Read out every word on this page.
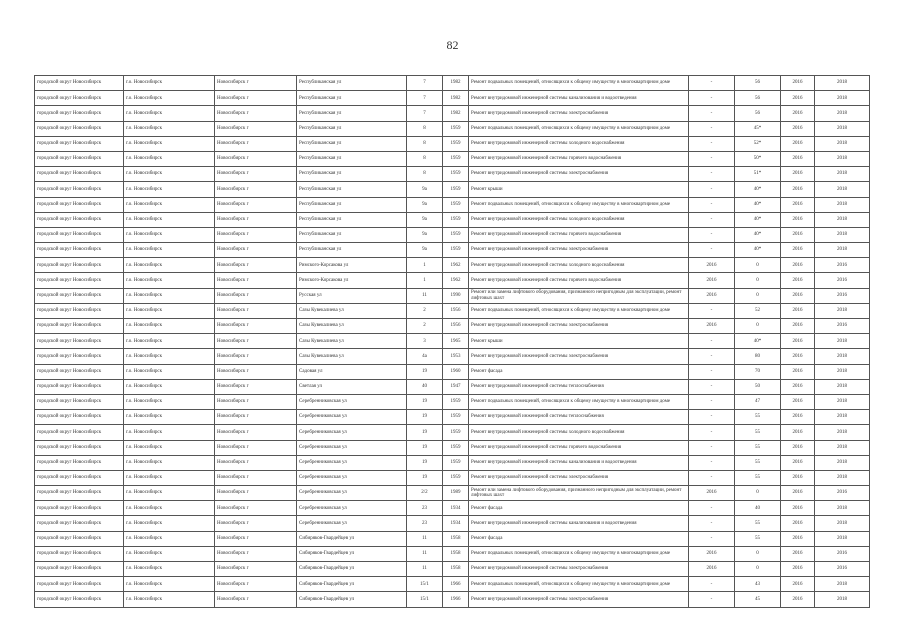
82
городской округ Новосибирск	г.о. Новосибирск	Новосибирск г	Республиканская ул	7	1982	Ремонт подвальных помещений, относящихся к общему имуществу в многоквартирном доме	-	56	2016	2018
городской округ Новосибирск	г.о. Новосибирск	Новосибирск г	Республиканская ул	7	1982	Ремонт внутридомовой инженерной системы канализования и водоотведения	-	56	2016	2018
городской округ Новосибирск	г.о. Новосибирск	Новосибирск г	Республиканская ул	7	1982	Ремонт внутридомовой инженерной системы электроснабжения	-	56	2016	2018
городской округ Новосибирск	г.о. Новосибирск	Новосибирск г	Республиканская ул	8	1959	Ремонт подвальных помещений, относящихся к общему имуществу в многоквартирном доме	-	45*	2016	2018
городской округ Новосибирск	г.о. Новосибирск	Новосибирск г	Республиканская ул	8	1959	Ремонт внутридомовой инженерной системы холодного водоснабжения	-	52*	2016	2018
городской округ Новосибирск	г.о. Новосибирск	Новосибирск г	Республиканская ул	8	1959	Ремонт внутридомовой инженерной системы горячего водоснабжения	-	50*	2016	2018
городской округ Новосибирск	г.о. Новосибирск	Новосибирск г	Республиканская ул	8	1959	Ремонт внутридомовой инженерной системы электроснабжения	-	51*	2016	2018
городской округ Новосибирск	г.о. Новосибирск	Новосибирск г	Республиканская ул	9а	1959	Ремонт крыши	-	40*	2016	2018
городской округ Новосибирск	г.о. Новосибирск	Новосибирск г	Республиканская ул	9а	1959	Ремонт подвальных помещений, относящихся к общему имуществу в многоквартирном доме	-	40*	2016	2018
городской округ Новосибирск	г.о. Новосибирск	Новосибирск г	Республиканская ул	9а	1959	Ремонт внутридомовой инженерной системы холодного водоснабжения	-	40*	2016	2018
городской округ Новосибирск	г.о. Новосибирск	Новосибирск г	Республиканская ул	9а	1959	Ремонт внутридомовой инженерной системы горячего водоснабжения	-	40*	2016	2018
городской округ Новосибирск	г.о. Новосибирск	Новосибирск г	Республиканская ул	9а	1959	Ремонт внутридомовой инженерной системы электроснабжения	-	40*	2016	2018
городской округ Новосибирск	г.о. Новосибирск	Новосибирск г	Римского-Корсакова ул	1	1962	Ремонт внутридомовой инженерной системы холодного водоснабжения	2016	0	2016	2016
городской округ Новосибирск	г.о. Новосибирск	Новосибирск г	Римского-Корсакова ул	1	1962	Ремонт внутридомовой инженерной системы горячего водоснабжения	2016	0	2016	2016
городской округ Новосибирск	г.о. Новосибирск	Новосибирск г	Русская ул	11	1990	Ремонт или замена лифтового оборудования, признанного непригодным для эксплуатации, ремонт лифтовых шахт	2016	0	2016	2016
городской округ Новосибирск	г.о. Новосибирск	Новосибирск г	Сазы Кувекалиева ул	2	1956	Ремонт подвальных помещений, относящихся к общему имуществу в многоквартирном доме	-	52	2016	2018
городской округ Новосибирск	г.о. Новосибирск	Новосибирск г	Сазы Кувекалиева ул	2	1956	Ремонт внутридомовой инженерной системы электроснабжения	2016	0	2016	2016
городской округ Новосибирск	г.о. Новосибирск	Новосибирск г	Сазы Кувекалиева ул	3	1965	Ремонт крыши	-	40*	2016	2018
городской округ Новосибирск	г.о. Новосибирск	Новосибирск г	Сазы Кувекалиева ул	4а	1953	Ремонт внутридомовой инженерной системы электроснабжения	-	80	2016	2018
городской округ Новосибирск	г.о. Новосибирск	Новосибирск г	Садовая ул	19	1960	Ремонт фасада	-	70	2016	2018
городской округ Новосибирск	г.о. Новосибирск	Новосибирск г	Светлая ул	40	1947	Ремонт внутридомовой инженерной системы теплоснабжения	-	50	2016	2018
городской округ Новосибирск	г.о. Новосибирск	Новосибирск г	Серебренниковская ул	19	1959	Ремонт подвальных помещений, относящихся к общему имуществу в многоквартирном доме	-	47	2016	2018
городской округ Новосибирск	г.о. Новосибирск	Новосибирск г	Серебренниковская ул	19	1959	Ремонт внутридомовой инженерной системы теплоснабжения	-	55	2016	2018
городской округ Новосибирск	г.о. Новосибирск	Новосибирск г	Серебренниковская ул	19	1959	Ремонт внутридомовой инженерной системы холодного водоснабжения	-	55	2016	2018
городской округ Новосибирск	г.о. Новосибирск	Новосибирск г	Серебренниковская ул	19	1959	Ремонт внутридомовой инженерной системы горячего водоснабжения	-	55	2016	2018
городской округ Новосибирск	г.о. Новосибирск	Новосибирск г	Серебренниковская ул	19	1959	Ремонт внутридомовой инженерной системы канализования и водоотведения	-	55	2016	2018
городской округ Новосибирск	г.о. Новосибирск	Новосибирск г	Серебренниковская ул	19	1959	Ремонт внутридомовой инженерной системы электроснабжения	-	55	2016	2018
городской округ Новосибирск	г.о. Новосибирск	Новосибирск г	Серебренниковская ул	2/2	1989	Ремонт или замена лифтового оборудования, признанного непригодным для эксплуатации, ремонт лифтовых шахт	2016	0	2016	2016
городской округ Новосибирск	г.о. Новосибирск	Новосибирск г	Серебренниковская ул	23	1934	Ремонт фасада	-	40	2016	2018
городской округ Новосибирск	г.о. Новосибирск	Новосибирск г	Серебренниковская ул	23	1934	Ремонт внутридомовой инженерной системы канализования и водоотведения	-	55	2016	2018
городской округ Новосибирск	г.о. Новосибирск	Новосибирск г	Сибиряков-Гвардейцев ул	11	1958	Ремонт фасада	-	55	2016	2018
городской округ Новосибирск	г.о. Новосибирск	Новосибирск г	Сибиряков-Гвардейцев ул	11	1958	Ремонт подвальных помещений, относящихся к общему имуществу в многоквартирном доме	2016	0	2016	2016
городской округ Новосибирск	г.о. Новосибирск	Новосибирск г	Сибиряков-Гвардейцев ул	11	1958	Ремонт внутридомовой инженерной системы электроснабжения	2016	0	2016	2016
городской округ Новосибирск	г.о. Новосибирск	Новосибирск г	Сибиряков-Гвардейцев ул	15/1	1966	Ремонт подвальных помещений, относящихся к общему имуществу в многоквартирном доме	-	43	2016	2018
городской округ Новосибирск	г.о. Новосибирск	Новосибирск г	Сибиряков-Гвардейцев ул	15/1	1966	Ремонт внутридомовой инженерной системы электроснабжения	-	45	2016	2018
